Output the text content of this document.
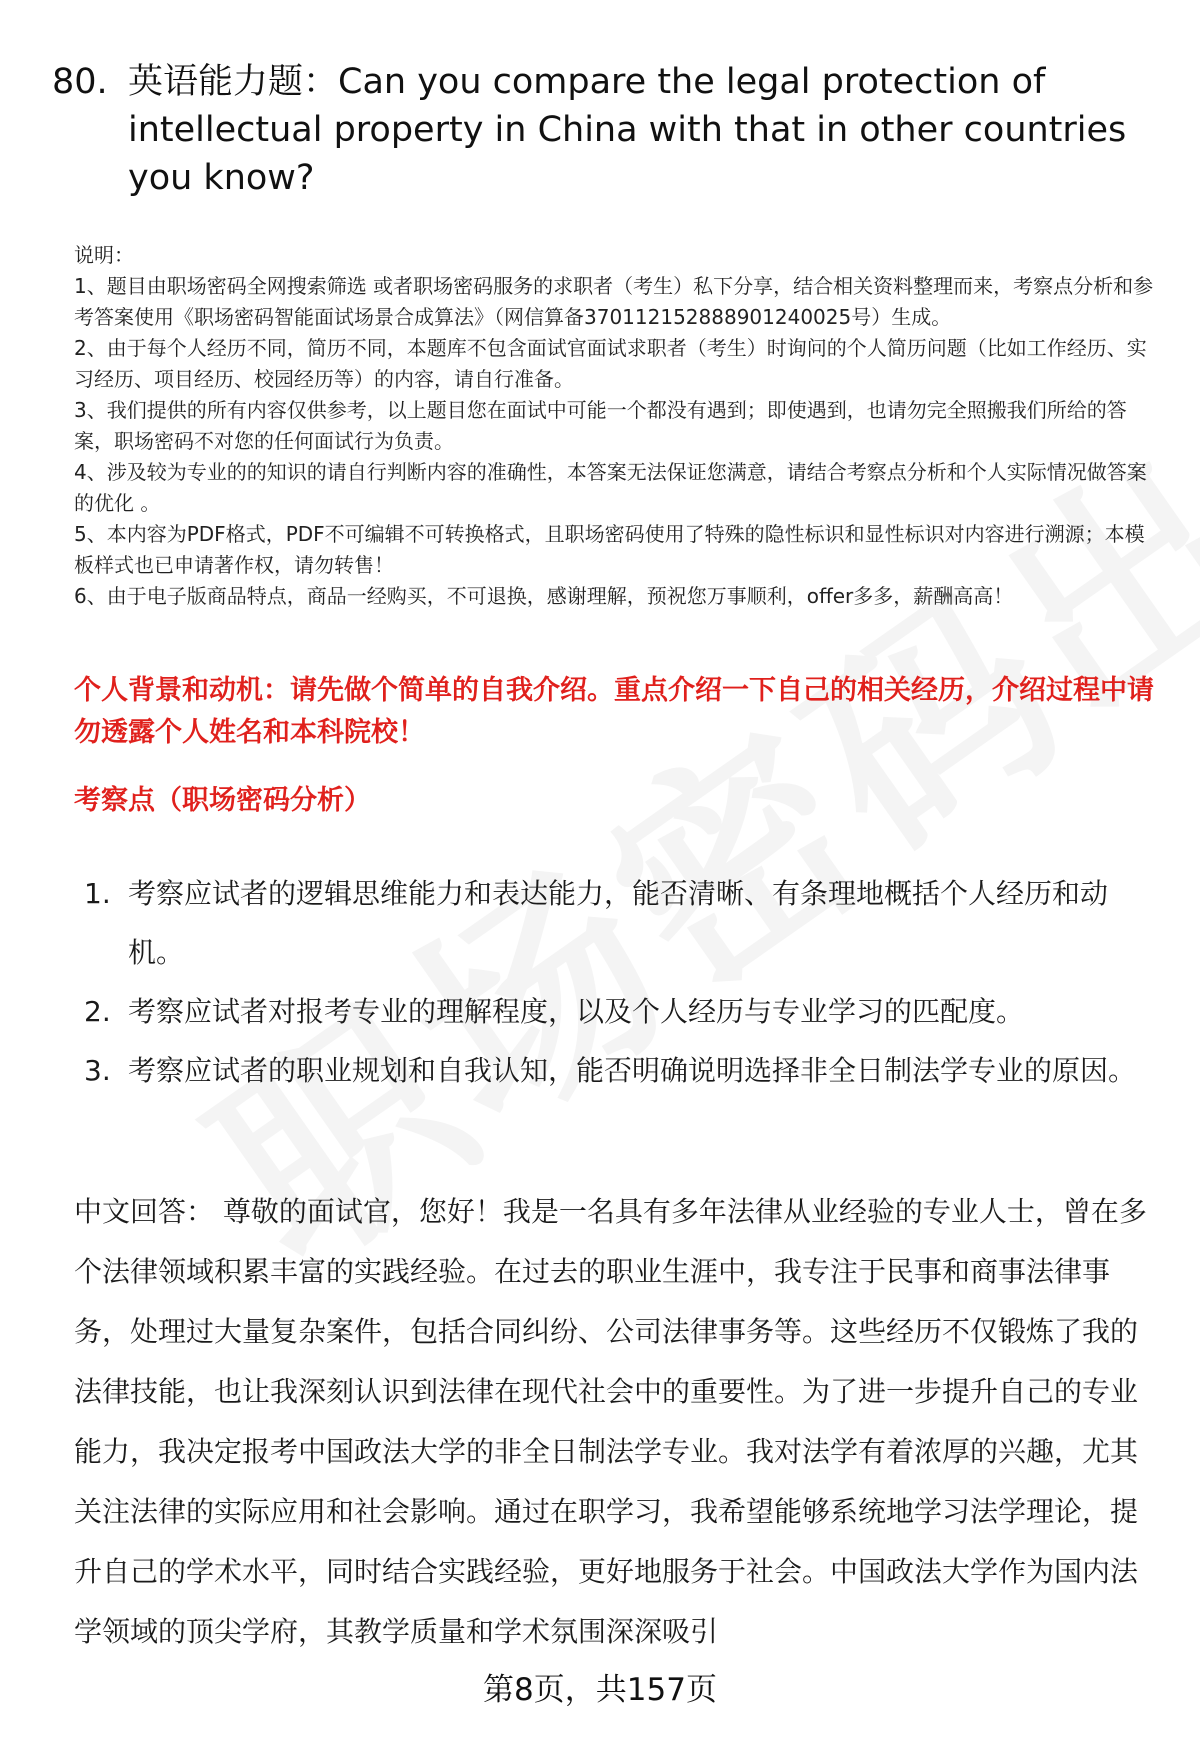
80. 英语能力题：Can you compare the legal protection of intellectual property in China with that in other countries you know?

说明：

1、题目由职场密码全网搜索筛选 或者职场密码服务的求职者（考生）私下分享，结合相关资料整理而来，考察点分析和参考答案使用《职场密码智能面试场景合成算法》（网信算备370112152888901240025号）生成。

2、由于每个人经历不同，简历不同，本题库不包含面试官面试求职者（考生）时询问的个人简历问题（比如工作经历、实习经历、项目经历、校园经历等）的内容，请自行准备。

3、我们提供的所有内容仅供参考，以上题目您在面试中可能一个都没有遇到；即使遇到，也请勿完全照搬我们所给的答案，职场密码不对您的任何面试行为负责。

4、涉及较为专业的的知识的请自行判断内容的准确性，本答案无法保证您满意，请结合考察点分析和个人实际情况做答案的优化 。

5、本内容为PDF格式，PDF不可编辑不可转换格式，且职场密码使用了特殊的隐性标识和显性标识对内容进行溯源；本模板样式也已申请著作权，请勿转售！

6、由于电子版商品特点，商品一经购买，不可退换，感谢理解，预祝您万事顺利，offer多多，薪酬高高！

个人背景和动机：请先做个简单的自我介绍。重点介绍一下自己的相关经历，介绍过程中请勿透露个人姓名和本科院校！
考察点（职场密码分析）
1. 考察应试者的逻辑思维能力和表达能力，能否清晰、有条理地概括个人经历和动机。
2. 考察应试者对报考专业的理解程度，以及个人经历与专业学习的匹配度。
3. 考察应试者的职业规划和自我认知，能否明确说明选择非全日制法学专业的原因。

中文回答： 尊敬的面试官，您好！我是一名具有多年法律从业经验的专业人士，曾在多个法律领域积累丰富的实践经验。在过去的职业生涯中，我专注于民事和商事法律事务，处理过大量复杂案件，包括合同纠纷、公司法律事务等。这些经历不仅锻炼了我的法律技能，也让我深刻认识到法律在现代社会中的重要性。为了进一步提升自己的专业能力，我决定报考中国政法大学的非全日制法学专业。我对法学有着浓厚的兴趣，尤其关注法律的实际应用和社会影响。通过在职学习，我希望能够系统地学习法学理论，提升自己的学术水平，同时结合实践经验，更好地服务于社会。中国政法大学作为国内法学领域的顶尖学府，其教学质量和学术氛围深深吸引

第8页，共157页
